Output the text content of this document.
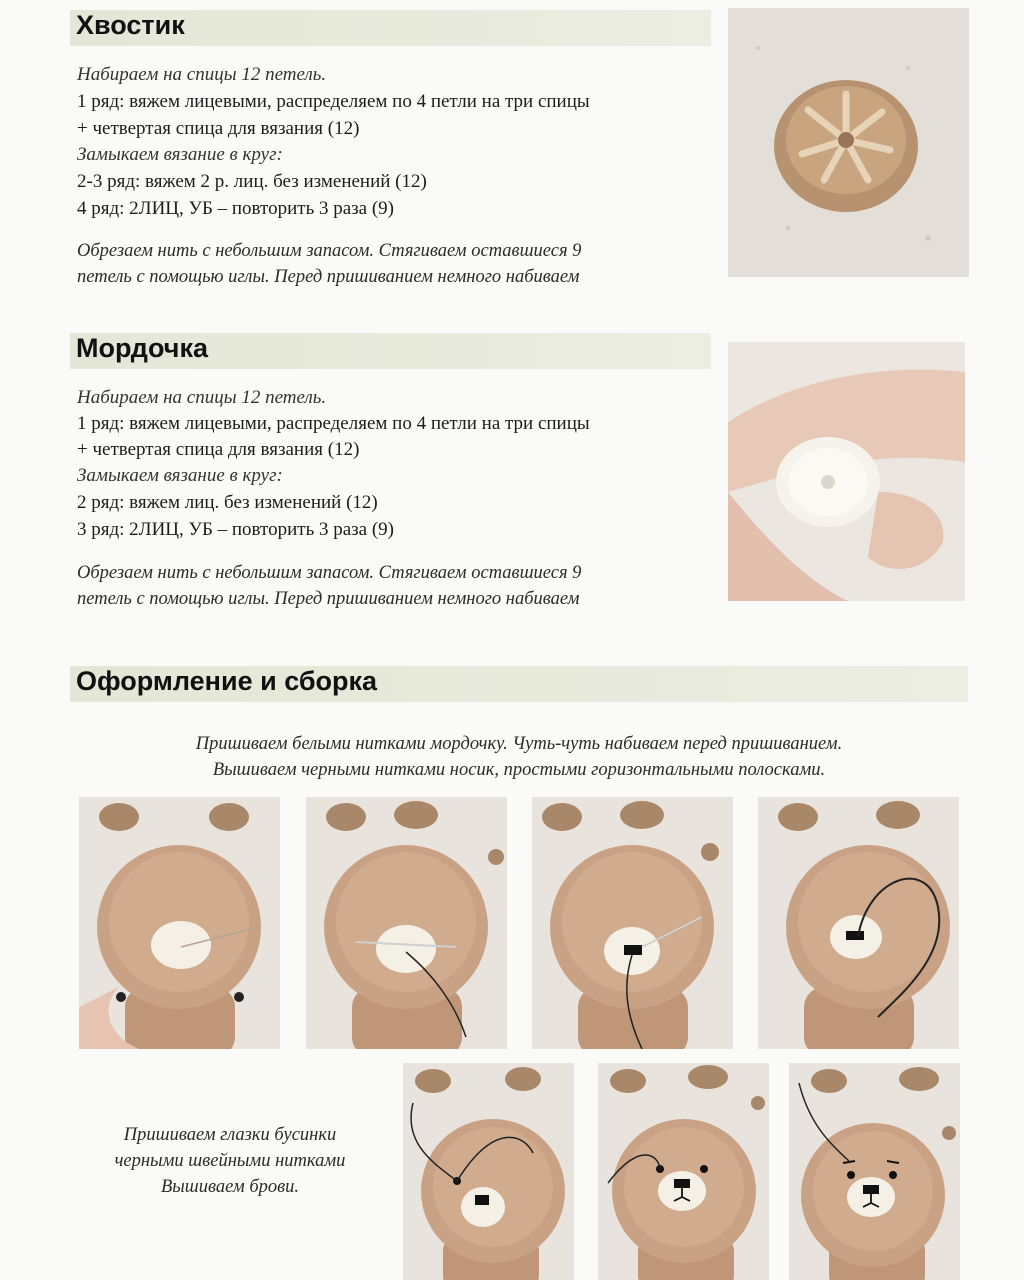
Хвостик
Набираем на спицы 12 петель.
1 ряд: вяжем лицевыми, распределяем по 4 петли на три спицы
+ четвертая спица для вязания (12)
Замыкаем вязание в круг:
2-3 ряд: вяжем 2 р. лиц. без изменений (12)
4 ряд: 2ЛИЦ, УБ – повторить 3 раза (9)
Обрезаем нить с небольшим запасом. Стягиваем оставшиеся 9
петель с помощью иглы. Перед пришиванием немного набиваем
Мордочка
Набираем на спицы 12 петель.
1 ряд: вяжем лицевыми, распределяем по 4 петли на три спицы
+ четвертая спица для вязания (12)
Замыкаем вязание в круг:
2 ряд: вяжем лиц. без изменений (12)
3 ряд: 2ЛИЦ, УБ – повторить 3 раза (9)
Обрезаем нить с небольшим запасом. Стягиваем оставшиеся 9
петель с помощью иглы. Перед пришиванием немного набиваем
Оформление и сборка
Пришиваем белыми нитками мордочку. Чуть-чуть набиваем перед пришиванием.
Вышиваем черными нитками носик, простыми горизонтальными полосками.
Пришиваем глазки бусинки
черными швейными нитками
Вышиваем брови.
